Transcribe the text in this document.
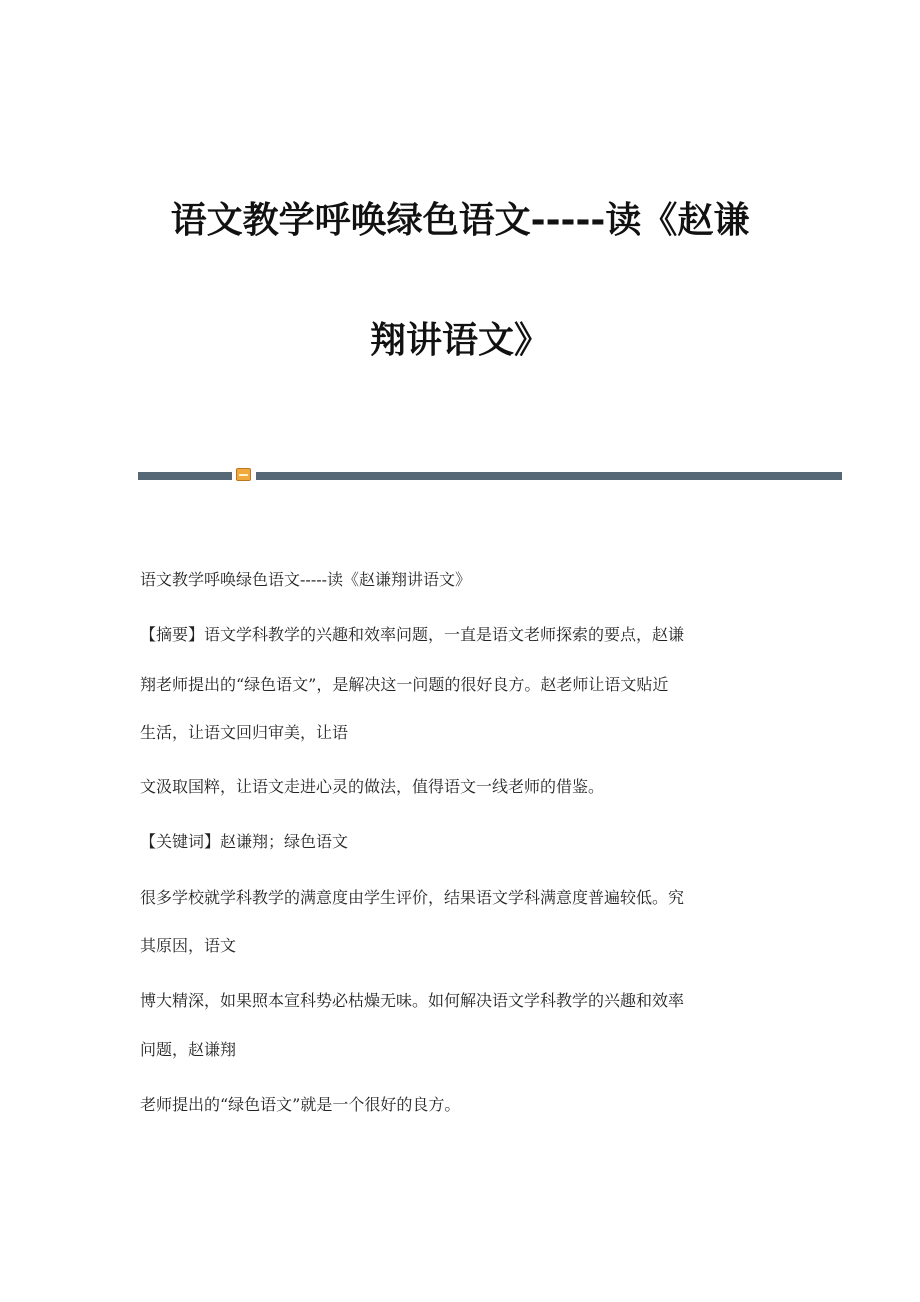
语文教学呼唤绿色语文-----读《赵谦
翔讲语文》

语文教学呼唤绿色语文-----读《赵谦翔讲语文》

【摘要】语文学科教学的兴趣和效率问题，一直是语文老师探索的要点，赵谦

翔老师提出的“绿色语文”，是解决这一问题的很好良方。赵老师让语文贴近

生活，让语文回归审美，让语

文汲取国粹，让语文走进心灵的做法，值得语文一线老师的借鉴。

【关键词】赵谦翔；绿色语文

很多学校就学科教学的满意度由学生评价，结果语文学科满意度普遍较低。究

其原因，语文

博大精深，如果照本宣科势必枯燥无味。如何解决语文学科教学的兴趣和效率

问题，赵谦翔

老师提出的“绿色语文”就是一个很好的良方。
